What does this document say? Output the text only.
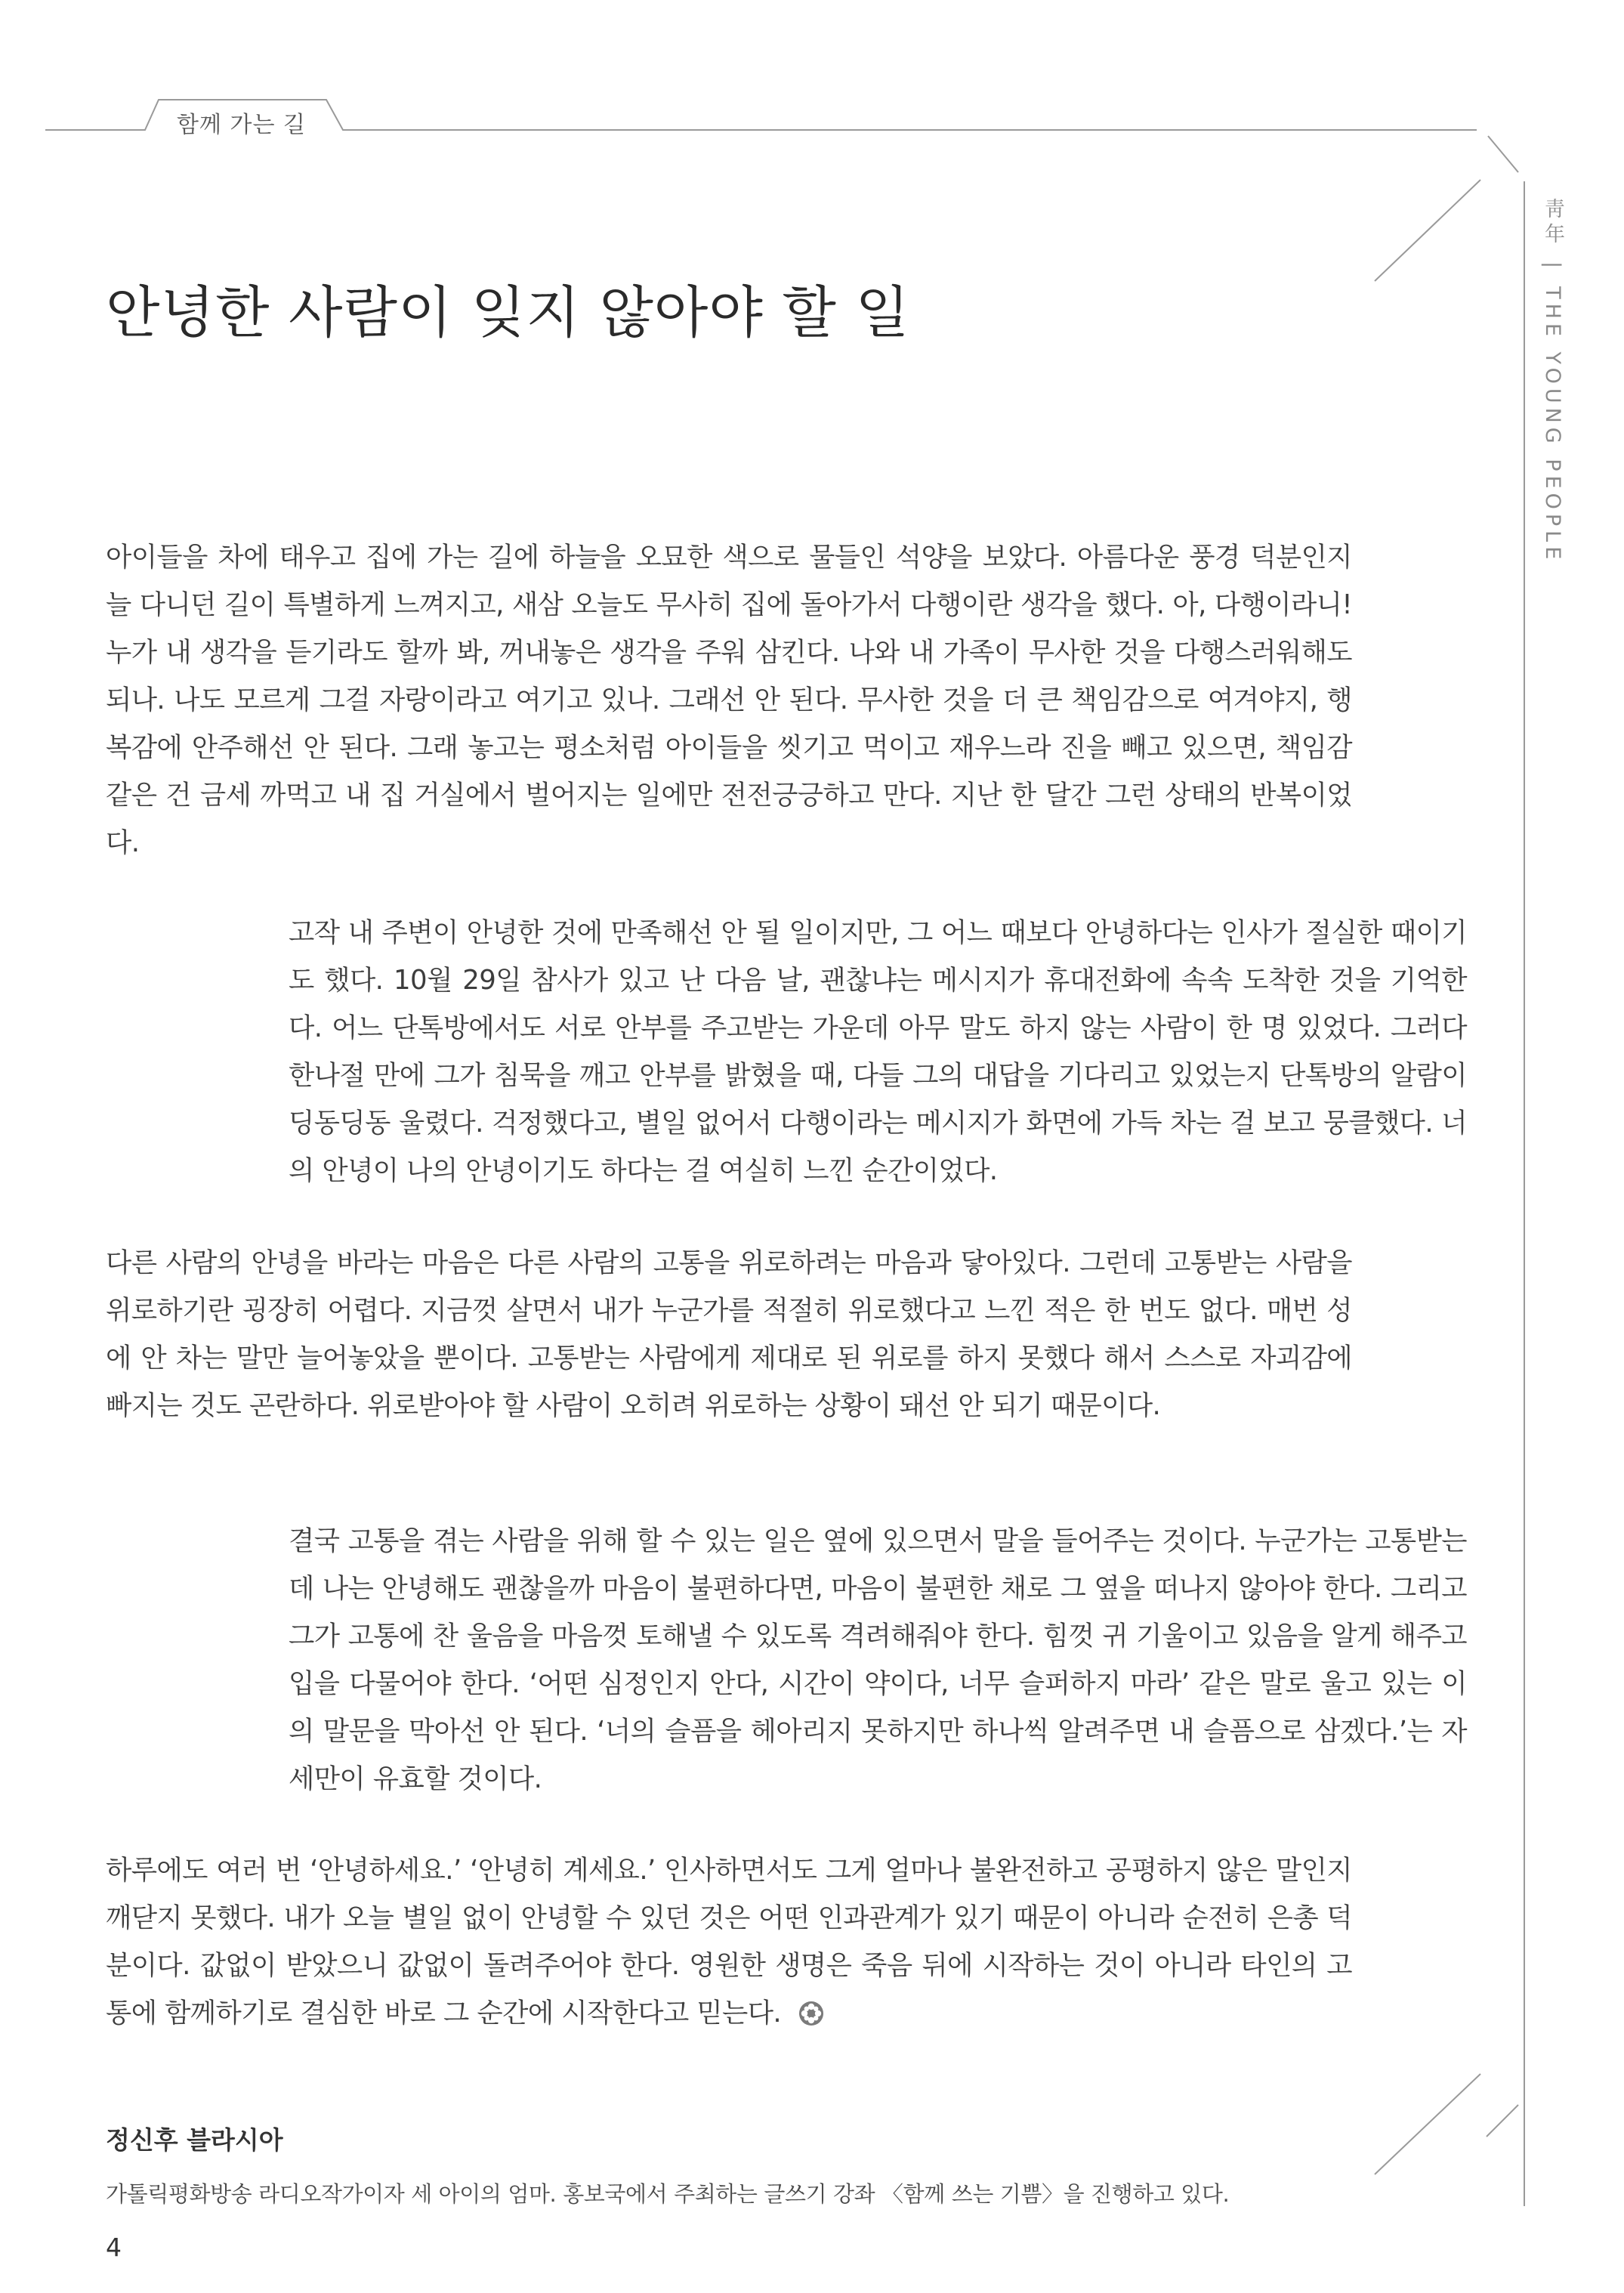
함께 가는 길
靑年|THE YOUNG PEOPLE
안녕한 사람이 잊지 않아야 할 일

아이들을 차에 태우고 집에 가는 길에 하늘을 오묘한 색으로 물들인 석양을 보았다. 아름다운 풍경 덕분인지 늘 다니던 길이 특별하게 느껴지고, 새삼 오늘도 무사히 집에 돌아가서 다행이란 생각을 했다. 아, 다행이라니! 누가 내 생각을 듣기라도 할까 봐, 꺼내놓은 생각을 주워 삼킨다. 나와 내 가족이 무사한 것을 다행스러워해도 되나. 나도 모르게 그걸 자랑이라고 여기고 있나. 그래선 안 된다. 무사한 것을 더 큰 책임감으로 여겨야지, 행복감에 안주해선 안 된다. 그래 놓고는 평소처럼 아이들을 씻기고 먹이고 재우느라 진을 빼고 있으면, 책임감 같은 건 금세 까먹고 내 집 거실에서 벌어지는 일에만 전전긍긍하고 만다. 지난 한 달간 그런 상태의 반복이었다.

고작 내 주변이 안녕한 것에 만족해선 안 될 일이지만, 그 어느 때보다 안녕하다는 인사가 절실한 때이기도 했다. 10월 29일 참사가 있고 난 다음 날, 괜찮냐는 메시지가 휴대전화에 속속 도착한 것을 기억한다. 어느 단톡방에서도 서로 안부를 주고받는 가운데 아무 말도 하지 않는 사람이 한 명 있었다. 그러다 한나절 만에 그가 침묵을 깨고 안부를 밝혔을 때, 다들 그의 대답을 기다리고 있었는지 단톡방의 알람이 딩동딩동 울렸다. 걱정했다고, 별일 없어서 다행이라는 메시지가 화면에 가득 차는 걸 보고 뭉클했다. 너의 안녕이 나의 안녕이기도 하다는 걸 여실히 느낀 순간이었다.

다른 사람의 안녕을 바라는 마음은 다른 사람의 고통을 위로하려는 마음과 닿아있다. 그런데 고통받는 사람을 위로하기란 굉장히 어렵다. 지금껏 살면서 내가 누군가를 적절히 위로했다고 느낀 적은 한 번도 없다. 매번 성에 안 차는 말만 늘어놓았을 뿐이다. 고통받는 사람에게 제대로 된 위로를 하지 못했다 해서 스스로 자괴감에 빠지는 것도 곤란하다. 위로받아야 할 사람이 오히려 위로하는 상황이 돼선 안 되기 때문이다.

결국 고통을 겪는 사람을 위해 할 수 있는 일은 옆에 있으면서 말을 들어주는 것이다. 누군가는 고통받는데 나는 안녕해도 괜찮을까 마음이 불편하다면, 마음이 불편한 채로 그 옆을 떠나지 않아야 한다. 그리고 그가 고통에 찬 울음을 마음껏 토해낼 수 있도록 격려해줘야 한다. 힘껏 귀 기울이고 있음을 알게 해주고 입을 다물어야 한다. ‘어떤 심정인지 안다, 시간이 약이다, 너무 슬퍼하지 마라’ 같은 말로 울고 있는 이의 말문을 막아선 안 된다. ‘너의 슬픔을 헤아리지 못하지만 하나씩 알려주면 내 슬픔으로 삼겠다.’는 자세만이 유효할 것이다.

하루에도 여러 번 ‘안녕하세요.’ ‘안녕히 계세요.’ 인사하면서도 그게 얼마나 불완전하고 공평하지 않은 말인지 깨닫지 못했다. 내가 오늘 별일 없이 안녕할 수 있던 것은 어떤 인과관계가 있기 때문이 아니라 순전히 은총 덕분이다. 값없이 받았으니 값없이 돌려주어야 한다. 영원한 생명은 죽음 뒤에 시작하는 것이 아니라 타인의 고통에 함께하기로 결심한 바로 그 순간에 시작한다고 믿는다.

정신후 블라시아

가톨릭평화방송 라디오작가이자 세 아이의 엄마. 홍보국에서 주최하는 글쓰기 강좌 〈함께 쓰는 기쁨〉을 진행하고 있다.

4
